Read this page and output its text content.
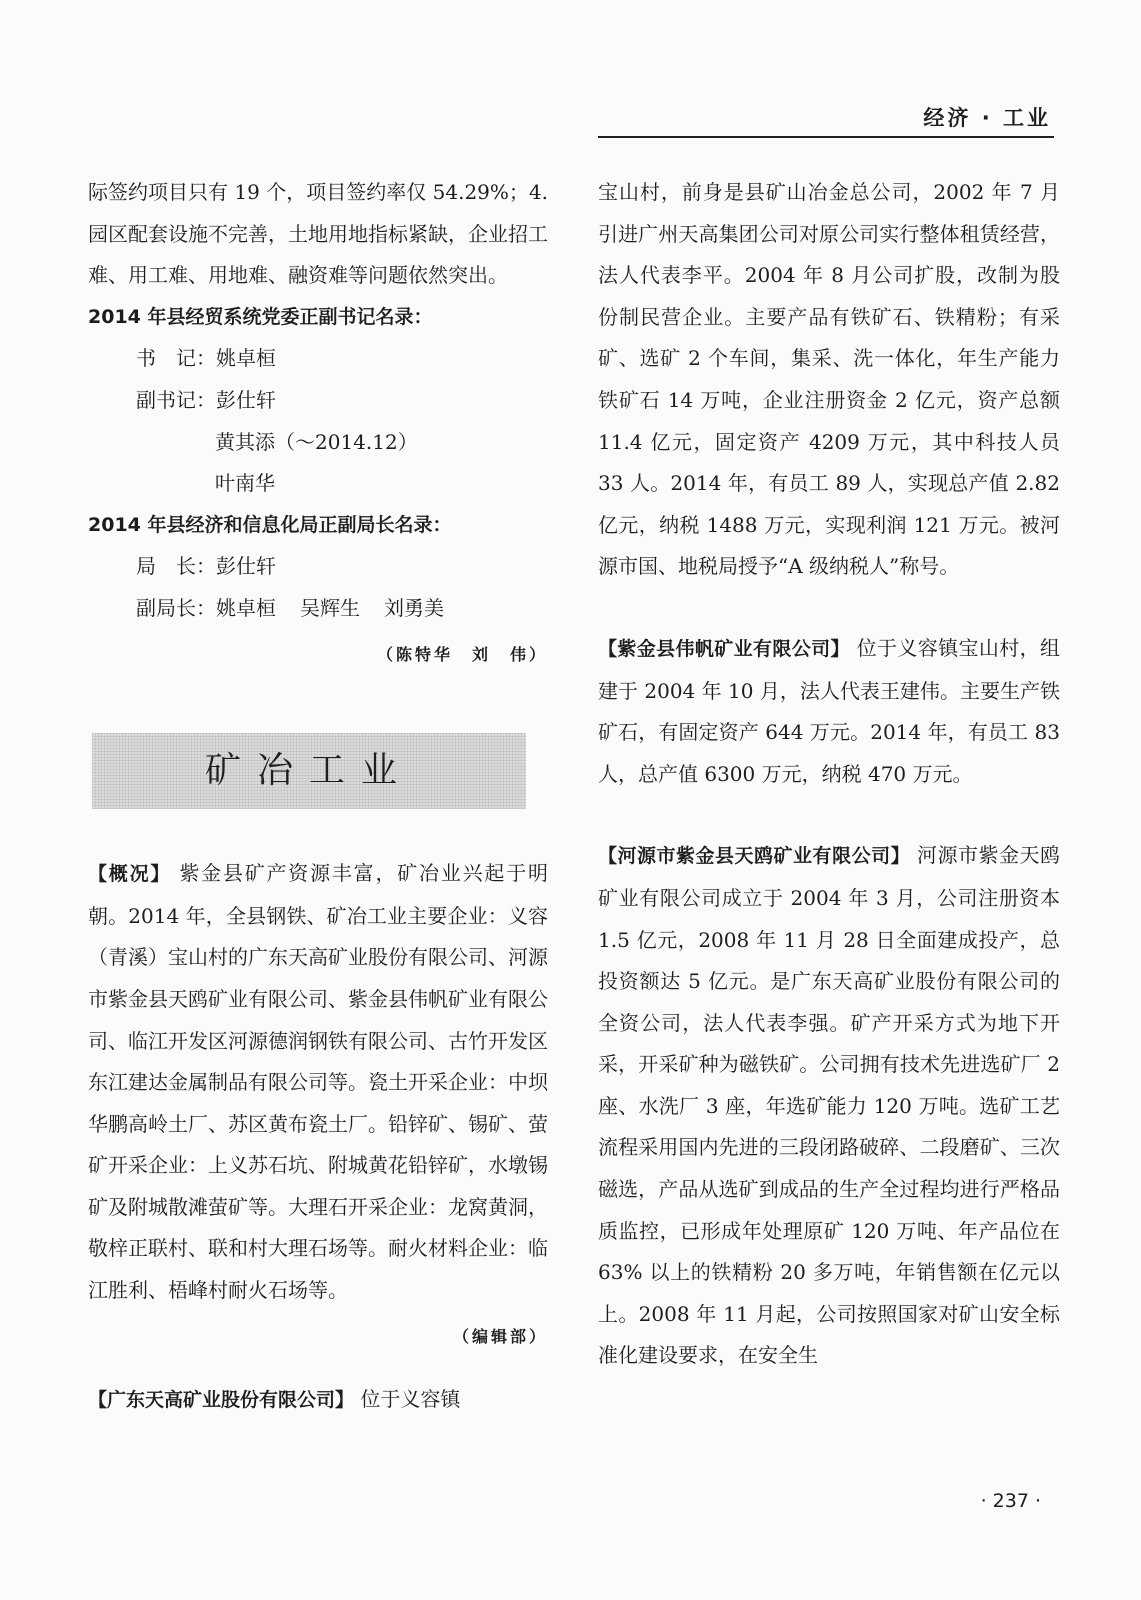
经济 · 工业

际签约项目只有 19 个，项目签约率仅 54.29%；4. 园区配套设施不完善，土地用地指标紧缺，企业招工难、用工难、用地难、融资难等问题依然突出。

2014 年县经贸系统党委正副书记名录：

书　记：姚卓桓

副书记：彭仕轩

黄其添（～2014.12）

叶南华

2014 年县经济和信息化局正副局长名录：

局　长：彭仕轩

副局长：姚卓桓 吴辉生 刘勇美

（陈特华　刘　伟）

矿冶工业

【概况】 紫金县矿产资源丰富，矿冶业兴起于明朝。2014 年，全县钢铁、矿冶工业主要企业：义容（青溪）宝山村的广东天高矿业股份有限公司、河源市紫金县天鸥矿业有限公司、紫金县伟帆矿业有限公司、临江开发区河源德润钢铁有限公司、古竹开发区东江建达金属制品有限公司等。瓷土开采企业：中坝华鹏高岭土厂、苏区黄布瓷土厂。铅锌矿、锡矿、萤矿开采企业：上义苏石坑、附城黄花铅锌矿，水墩锡矿及附城散滩萤矿等。大理石开采企业：龙窝黄洞，敬梓正联村、联和村大理石场等。耐火材料企业：临江胜利、梧峰村耐火石场等。

（编辑部）

【广东天高矿业股份有限公司】 位于义容镇

宝山村，前身是县矿山冶金总公司，2002 年 7 月引进广州天高集团公司对原公司实行整体租赁经营，法人代表李平。2004 年 8 月公司扩股，改制为股份制民营企业。主要产品有铁矿石、铁精粉；有采矿、选矿 2 个车间，集采、洗一体化，年生产能力铁矿石 14 万吨，企业注册资金 2 亿元，资产总额 11.4 亿元，固定资产 4209 万元，其中科技人员 33 人。2014 年，有员工 89 人，实现总产值 2.82 亿元，纳税 1488 万元，实现利润 121 万元。被河源市国、地税局授予“A 级纳税人”称号。

【紫金县伟帆矿业有限公司】 位于义容镇宝山村，组建于 2004 年 10 月，法人代表王建伟。主要生产铁矿石，有固定资产 644 万元。2014 年，有员工 83 人，总产值 6300 万元，纳税 470 万元。

【河源市紫金县天鸥矿业有限公司】 河源市紫金天鸥矿业有限公司成立于 2004 年 3 月，公司注册资本 1.5 亿元，2008 年 11 月 28 日全面建成投产，总投资额达 5 亿元。是广东天高矿业股份有限公司的全资公司，法人代表李强。矿产开采方式为地下开采，开采矿种为磁铁矿。公司拥有技术先进选矿厂 2 座、水洗厂 3 座，年选矿能力 120 万吨。选矿工艺流程采用国内先进的三段闭路破碎、二段磨矿、三次磁选，产品从选矿到成品的生产全过程均进行严格品质监控，已形成年处理原矿 120 万吨、年产品位在 63% 以上的铁精粉 20 多万吨，年销售额在亿元以上。2008 年 11 月起，公司按照国家对矿山安全标准化建设要求，在安全生

· 237 ·
